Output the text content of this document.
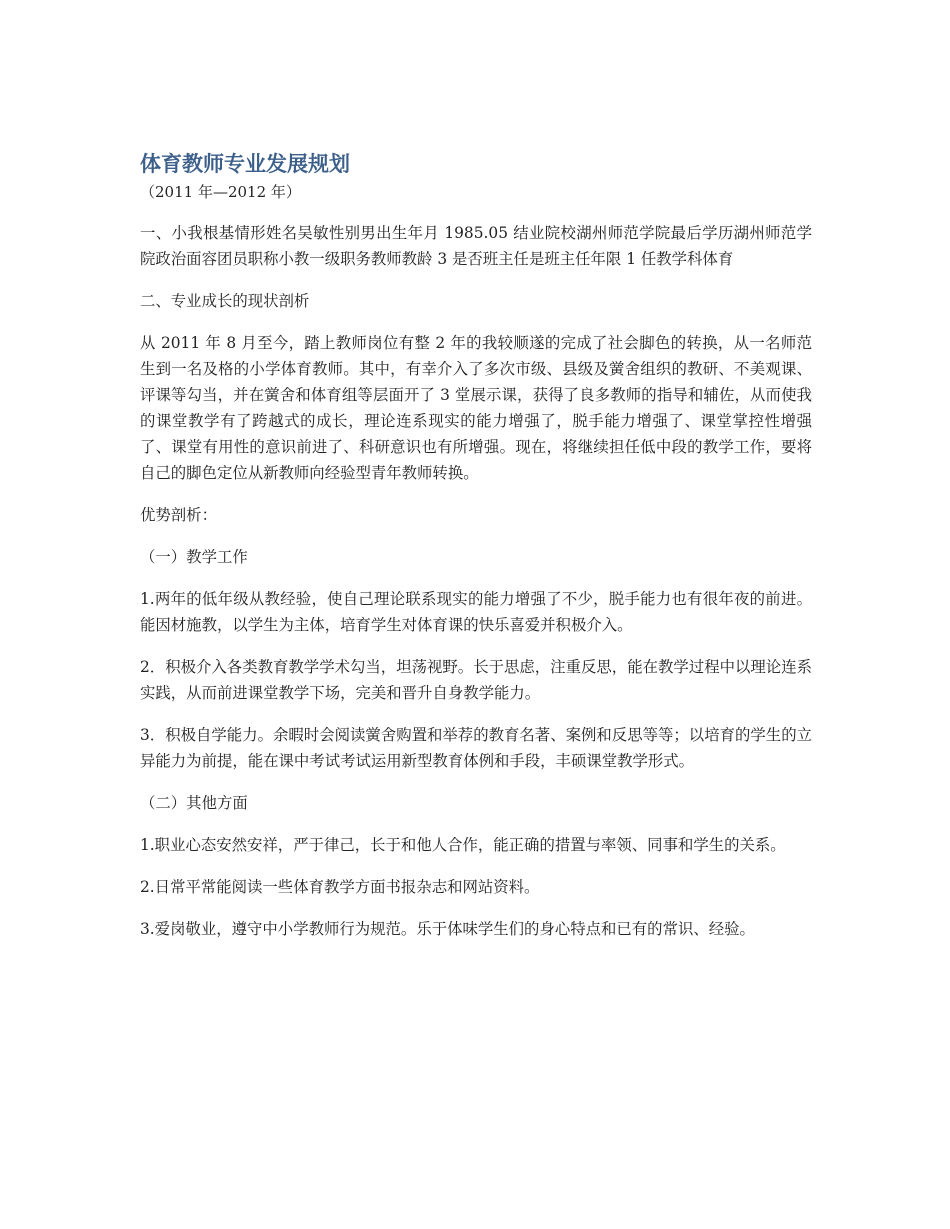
体育教师专业发展规划

（2011 年—2012 年）

一、小我根基情形姓名吴敏性别男出生年月 1985.05 结业院校湖州师范学院最后学历湖州师范学院政治面容团员职称小教一级职务教师教龄 3 是否班主任是班主任年限 1 任教学科体育

二、专业成长的现状剖析

从 2011 年 8 月至今，踏上教师岗位有整 2 年的我较顺遂的完成了社会脚色的转换，从一名师范生到一名及格的小学体育教师。其中，有幸介入了多次市级、县级及黉舍组织的教研、不美观课、评课等勾当，并在黉舍和体育组等层面开了 3 堂展示课，获得了良多教师的指导和辅佐，从而使我的课堂教学有了跨越式的成长，理论连系现实的能力增强了，脱手能力增强了、课堂掌控性增强了、课堂有用性的意识前进了、科研意识也有所增强。现在，将继续担任低中段的教学工作，要将自己的脚色定位从新教师向经验型青年教师转换。

优势剖析：

（一）教学工作

1.两年的低年级从教经验，使自己理论联系现实的能力增强了不少，脱手能力也有很年夜的前进。能因材施教，以学生为主体，培育学生对体育课的快乐喜爱并积极介入。

2．积极介入各类教育教学学术勾当，坦荡视野。长于思虑，注重反思，能在教学过程中以理论连系实践，从而前进课堂教学下场，完美和晋升自身教学能力。

3．积极自学能力。余暇时会阅读黉舍购置和举荐的教育名著、案例和反思等等；以培育的学生的立异能力为前提，能在课中考试考试运用新型教育体例和手段，丰硕课堂教学形式。

（二）其他方面

1.职业心态安然安祥，严于律己，长于和他人合作，能正确的措置与率领、同事和学生的关系。

2.日常平常能阅读一些体育教学方面书报杂志和网站资料。

3.爱岗敬业，遵守中小学教师行为规范。乐于体味学生们的身心特点和已有的常识、经验。
